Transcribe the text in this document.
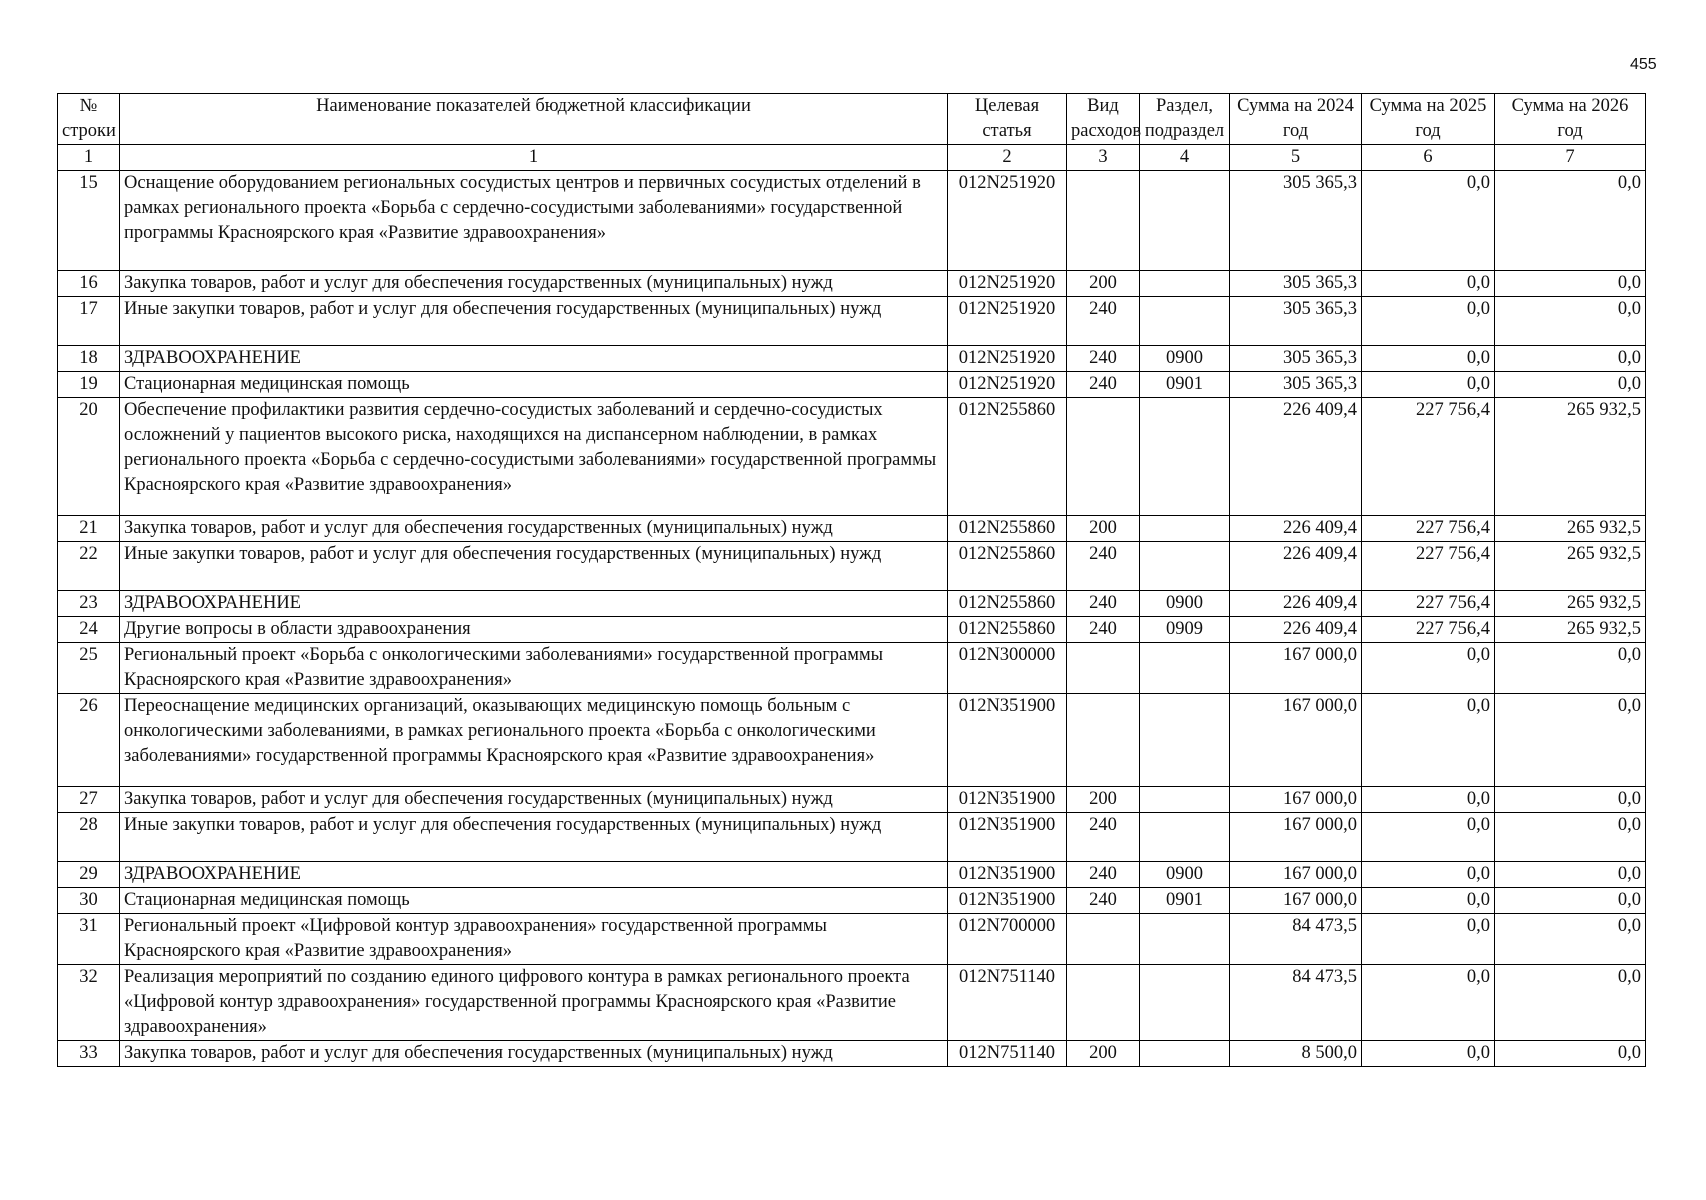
455
№ строки	Наименование показателей бюджетной классификации	Целевая статья	Вид расходов	Раздел, подраздел	Сумма на 2024 год	Сумма на 2025 год	Сумма на 2026 год
1	1	2	3	4	5	6	7
15	Оснащение оборудованием региональных сосудистых центров и первичных сосудистых отделений в рамках регионального проекта «Борьба с сердечно-сосудистыми заболеваниями» государственной программы Красноярского края «Развитие здравоохранения»	012N251920			305 365,3	0,0	0,0
16	Закупка товаров, работ и услуг для обеспечения государственных (муниципальных) нужд	012N251920	200		305 365,3	0,0	0,0
17	Иные закупки товаров, работ и услуг для обеспечения государственных (муниципальных) нужд	012N251920	240		305 365,3	0,0	0,0
18	ЗДРАВООХРАНЕНИЕ	012N251920	240	0900	305 365,3	0,0	0,0
19	Стационарная медицинская помощь	012N251920	240	0901	305 365,3	0,0	0,0
20	Обеспечение профилактики развития сердечно-сосудистых заболеваний и сердечно-сосудистых осложнений у пациентов высокого риска, находящихся на диспансерном наблюдении, в рамках регионального проекта «Борьба с сердечно-сосудистыми заболеваниями» государственной программы Красноярского края «Развитие здравоохранения»	012N255860			226 409,4	227 756,4	265 932,5
21	Закупка товаров, работ и услуг для обеспечения государственных (муниципальных) нужд	012N255860	200		226 409,4	227 756,4	265 932,5
22	Иные закупки товаров, работ и услуг для обеспечения государственных (муниципальных) нужд	012N255860	240		226 409,4	227 756,4	265 932,5
23	ЗДРАВООХРАНЕНИЕ	012N255860	240	0900	226 409,4	227 756,4	265 932,5
24	Другие вопросы в области здравоохранения	012N255860	240	0909	226 409,4	227 756,4	265 932,5
25	Региональный проект «Борьба с онкологическими заболеваниями» государственной программы Красноярского края «Развитие здравоохранения»	012N300000			167 000,0	0,0	0,0
26	Переоснащение медицинских организаций, оказывающих медицинскую помощь больным с онкологическими заболеваниями, в рамках регионального проекта «Борьба с онкологическими заболеваниями» государственной программы Красноярского края «Развитие здравоохранения»	012N351900			167 000,0	0,0	0,0
27	Закупка товаров, работ и услуг для обеспечения государственных (муниципальных) нужд	012N351900	200		167 000,0	0,0	0,0
28	Иные закупки товаров, работ и услуг для обеспечения государственных (муниципальных) нужд	012N351900	240		167 000,0	0,0	0,0
29	ЗДРАВООХРАНЕНИЕ	012N351900	240	0900	167 000,0	0,0	0,0
30	Стационарная медицинская помощь	012N351900	240	0901	167 000,0	0,0	0,0
31	Региональный проект «Цифровой контур здравоохранения» государственной программы Красноярского края «Развитие здравоохранения»	012N700000			84 473,5	0,0	0,0
32	Реализация мероприятий по созданию единого цифрового контура в рамках регионального проекта «Цифровой контур здравоохранения» государственной программы Красноярского края «Развитие здравоохранения»	012N751140			84 473,5	0,0	0,0
33	Закупка товаров, работ и услуг для обеспечения государственных (муниципальных) нужд	012N751140	200		8 500,0	0,0	0,0
